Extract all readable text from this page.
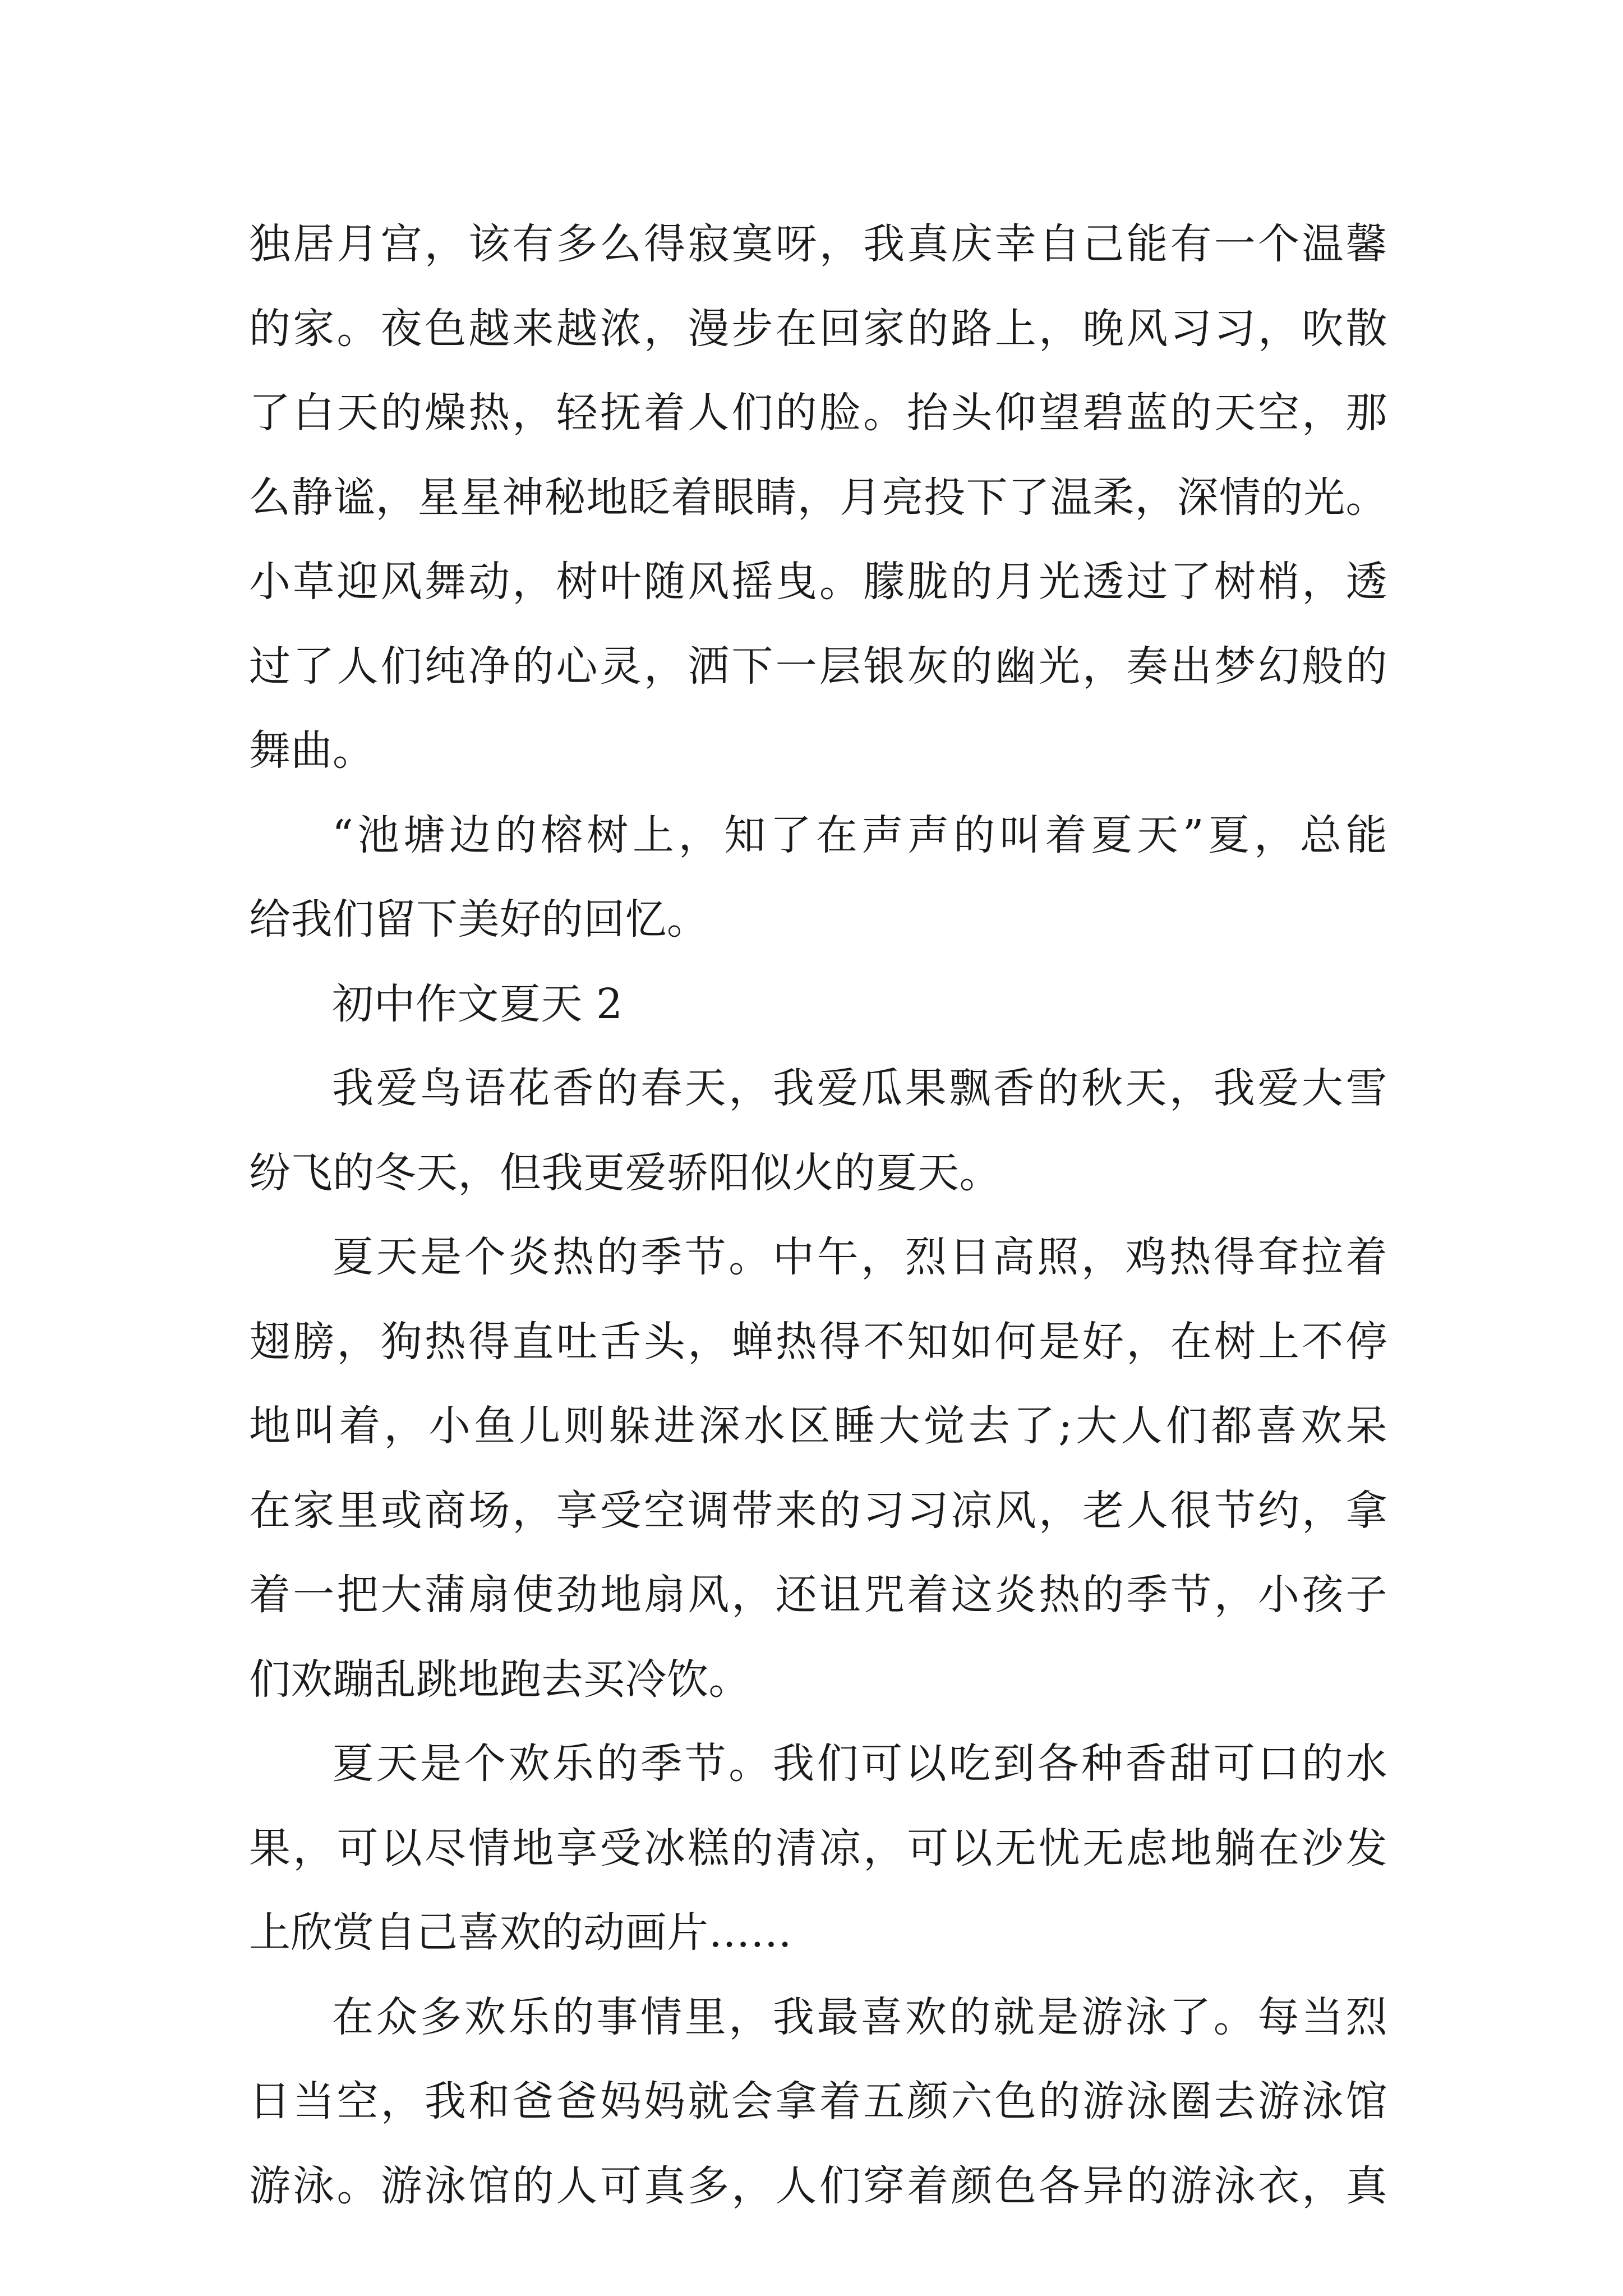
独居月宫，该有多么得寂寞呀，我真庆幸自己能有一个温馨
的家。夜色越来越浓，漫步在回家的路上，晚风习习，吹散
了白天的燥热，轻抚着人们的脸。抬头仰望碧蓝的天空，那
么静谧，星星神秘地眨着眼睛，月亮投下了温柔，深情的光。
小草迎风舞动，树叶随风摇曳。朦胧的月光透过了树梢，透
过了人们纯净的心灵，洒下一层银灰的幽光，奏出梦幻般的
舞曲。
“池塘边的榕树上，知了在声声的叫着夏天”夏，总能
给我们留下美好的回忆。
初中作文夏天 2
我爱鸟语花香的春天，我爱瓜果飘香的秋天，我爱大雪
纷飞的冬天，但我更爱骄阳似火的夏天。
夏天是个炎热的季节。中午，烈日高照，鸡热得耷拉着
翅膀，狗热得直吐舌头，蝉热得不知如何是好，在树上不停
地叫着，小鱼儿则躲进深水区睡大觉去了;大人们都喜欢呆
在家里或商场，享受空调带来的习习凉风，老人很节约，拿
着一把大蒲扇使劲地扇风，还诅咒着这炎热的季节，小孩子
们欢蹦乱跳地跑去买冷饮。
夏天是个欢乐的季节。我们可以吃到各种香甜可口的水
果，可以尽情地享受冰糕的清凉，可以无忧无虑地躺在沙发
上欣赏自己喜欢的动画片……
在众多欢乐的事情里，我最喜欢的就是游泳了。每当烈
日当空，我和爸爸妈妈就会拿着五颜六色的游泳圈去游泳馆
游泳。游泳馆的人可真多，人们穿着颜色各异的游泳衣，真
